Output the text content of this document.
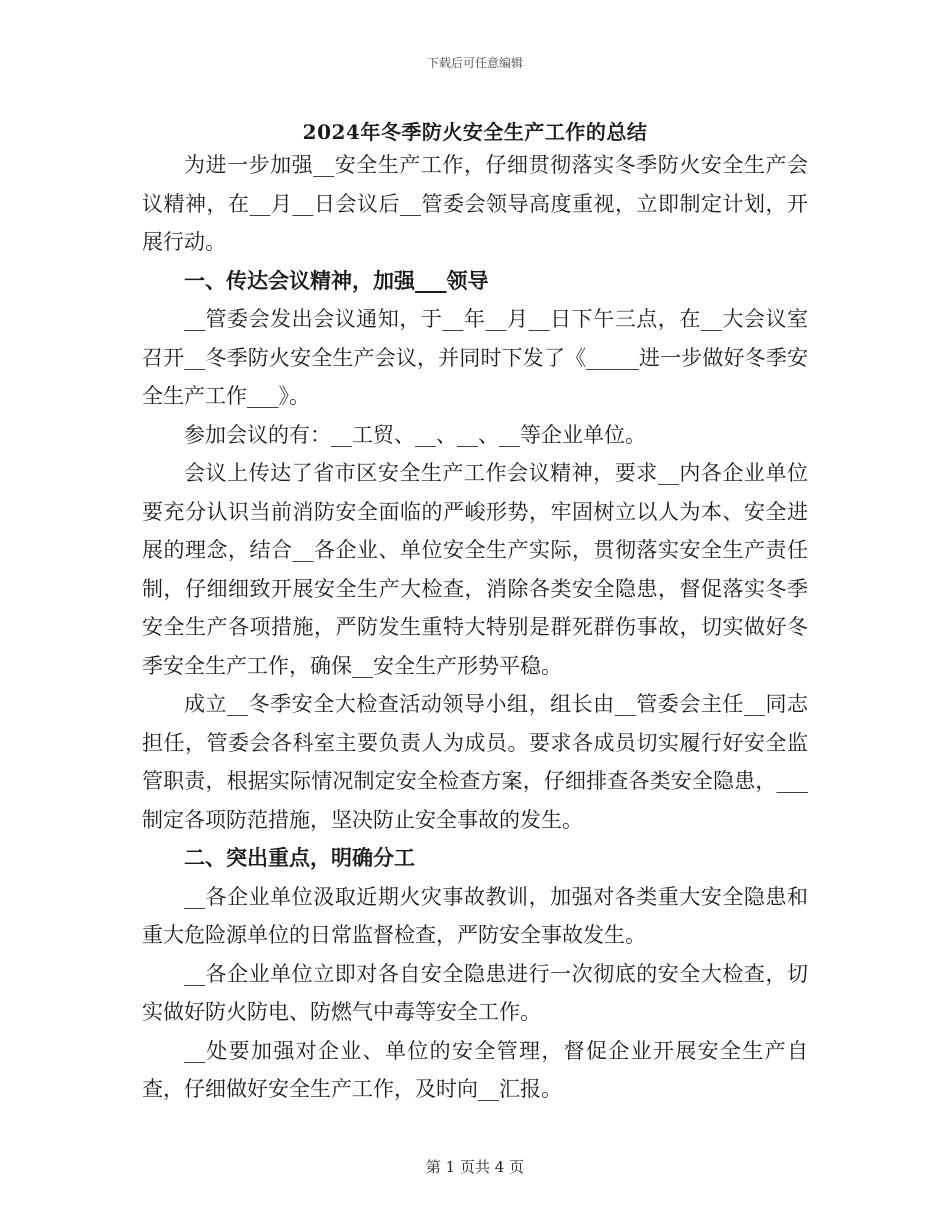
下载后可任意编辑
2024年冬季防火安全生产工作的总结

为进一步加强__安全生产工作，仔细贯彻落实冬季防火安全生产会议精神，在__月__日会议后__管委会领导高度重视，立即制定计划，开展行动。

一、传达会议精神，加强___领导

__管委会发出会议通知，于__年__月__日下午三点，在__大会议室召开__冬季防火安全生产会议，并同时下发了《_____进一步做好冬季安全生产工作___》。

参加会议的有：__工贸、__、__、__等企业单位。

会议上传达了省市区安全生产工作会议精神，要求__内各企业单位要充分认识当前消防安全面临的严峻形势，牢固树立以人为本、安全进展的理念，结合__各企业、单位安全生产实际，贯彻落实安全生产责任制，仔细细致开展安全生产大检查，消除各类安全隐患，督促落实冬季安全生产各项措施，严防发生重特大特别是群死群伤事故，切实做好冬季安全生产工作，确保__安全生产形势平稳。

成立__冬季安全大检查活动领导小组，组长由__管委会主任__同志担任，管委会各科室主要负责人为成员。要求各成员切实履行好安全监管职责，根据实际情况制定安全检查方案，仔细排查各类安全隐患，___制定各项防范措施，坚决防止安全事故的发生。

二、突出重点，明确分工

__各企业单位汲取近期火灾事故教训，加强对各类重大安全隐患和重大危险源单位的日常监督检查，严防安全事故发生。

__各企业单位立即对各自安全隐患进行一次彻底的安全大检查，切实做好防火防电、防燃气中毒等安全工作。

__处要加强对企业、单位的安全管理，督促企业开展安全生产自查，仔细做好安全生产工作，及时向__汇报。

第 1 页共 4 页
